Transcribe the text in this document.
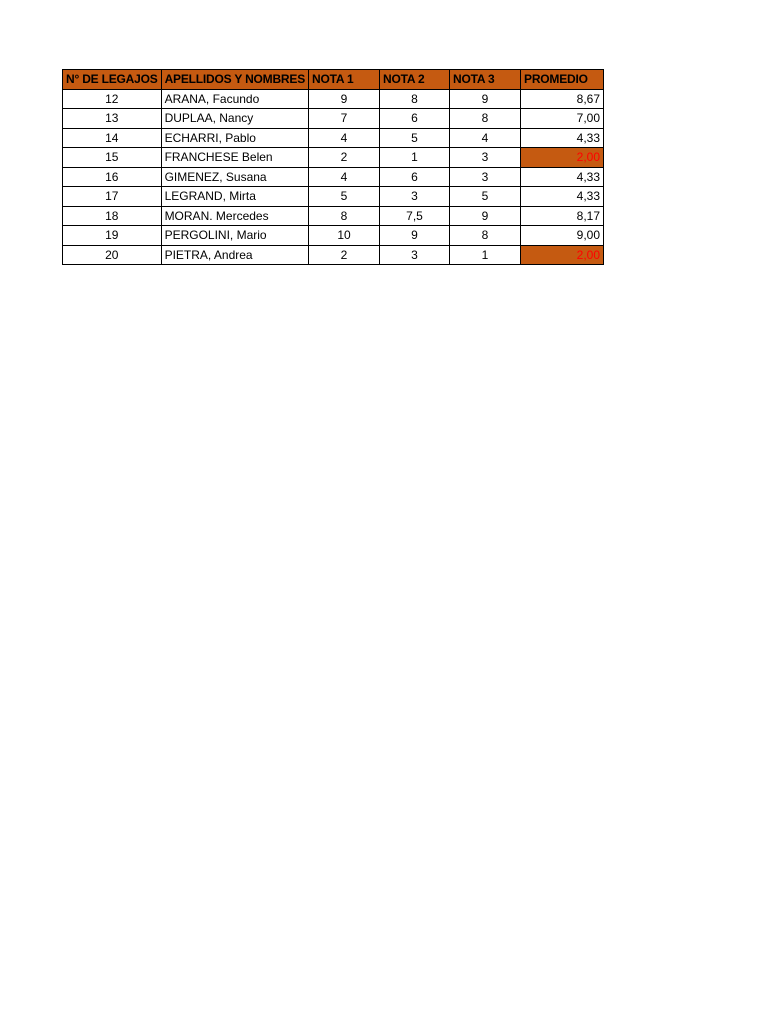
N° DE LEGAJOS	APELLIDOS Y NOMBRES	NOTA 1	NOTA 2	NOTA 3	PROMEDIO
12	ARANA, Facundo	9	8	9	8,67
13	DUPLAA, Nancy	7	6	8	7,00
14	ECHARRI, Pablo	4	5	4	4,33
15	FRANCHESE Belen	2	1	3	2,00
16	GIMENEZ, Susana	4	6	3	4,33
17	LEGRAND, Mirta	5	3	5	4,33
18	MORAN. Mercedes	8	7,5	9	8,17
19	PERGOLINI, Mario	10	9	8	9,00
20	PIETRA, Andrea	2	3	1	2,00
